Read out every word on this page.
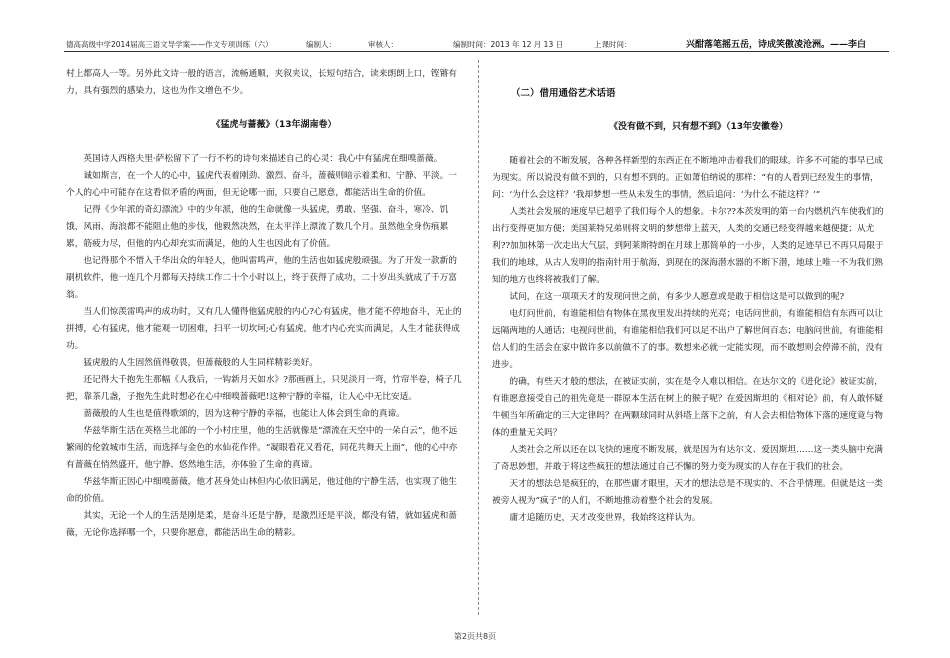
德高高级中学2014届高三语文导学案——作文专项训练（六）	编制人：	审核人：	编制时间：2013 年 12 月 13 日	上课时间：	兴酣落笔摇五岳，诗成笑傲凌沧洲。——李白

村上都高人一等。另外此文诗一般的语言，流畅通顺，夹叙夹议，长短句结合，读来朗朗上口，铿锵有力，具有强烈的感染力，这也为作文增色不少。

《猛虎与蔷薇》（13年湖南卷）

英国诗人西格夫里·萨松留下了一行不朽的诗句来描述自己的心灵：我心中有猛虎在细嗅蔷薇。

诚如斯言，在一个人的心中，猛虎代表着刚劲、激烈、奋斗，蔷薇则暗示着柔和、宁静、平淡。一个人的心中可能存在这看似矛盾的两面，但无论哪一面，只要自己愿意，都能活出生命的价值。

记得《少年派的奇幻漂流》中的少年派，他的生命就像一头猛虎，勇敢、坚强、奋斗，寒冷、饥饿，风雨、海浪都不能阻止他的步伐，他毅然决然，在太平洋上漂流了数几个月。虽然他全身伤痕累累，筋疲力尽，但他的内心却充实而满足，他的人生也因此有了价值。

也记得那个不惜入千华出众的年轻人，他叫雷鸣声，他的生活也如猛虎般顽强。为了开发一款新的刷机软件，他一连几个月都每天持续工作二十个小时以上，终于获得了成功，二十岁出头就成了千万富翁。

当人们惊羡雷鸣声的成功时，又有几人懂得他猛虎般的内心?心有猛虎，他才能不停地奋斗，无止的拼搏，心有猛虎，他才能观一切困难，扫平一切坎坷;心有猛虎，他才内心充实而满足，人生才能获得成功。

猛虎般的人生固然值得敬畏，但蔷薇般的人生同样精彩美好。

还记得大千抱先生那幅《人我后，一钩新月天如水》?那画画上，只见淡月一弯，竹帘半卷，椅子几把，靠茶几盏，子抱先生此时想必在心中细嗅蔷薇吧!这种宁静的幸福，让人心中无比安适。

蔷薇般的人生也是值得歌颂的，因为这种宁静的幸福，也能让人体会到生命的真谛。

华兹华斯生活在英格兰北部的一个小村庄里，他的生活就像是“漂流在天空中的一朵白云”，他不远繁闹的伦敦城市生活，而选择与金色的水仙花作伴。“凝眼看花又看花，同花共舞天上面”，他的心中亦有蔷薇在悄然盛开，他宁静、悠然地生活，亦体验了生命的真谛。

华兹华斯正因心中细嗅蔷薇，他才甚身处山林但内心依旧满足，他过他的宁静生活，也实现了他生命的价值。

其实，无论一个人的生活是刚是柔，是奋斗还是宁静，是激烈还是平淡，都没有错，就如猛虎和蔷薇，无论你选择哪一个，只要你愿意，都能活出生命的精彩。

（二）借用通俗艺术话语

《没有做不到，只有想不到》（13年安徽卷）

随着社会的不断发展，各种各样新型的东西正在不断地冲击着我们的眼球。许多不可能的事早已成为现实。所以说没有做不到的，只有想不到的。正如萧伯纳说的那样：“有的人看到已经发生的事情，问：‘为什么会这样？’我却梦想一些从未发生的事情，然后追问：‘为什么不能这样？’”

人类社会发展的速度早已超乎了我们每个人的想象。卡尔??本茨发明的第一台内燃机汽车使我们的出行变得更加方便；美国莱特兄弟则将文明的梦想带上蓝天，人类的交通已经变得越来越便捷；从尤利??加加林第一次走出大气层，到阿莱斯特朗在月球上那简单的一小步，人类的足迹早已不再只局限于我们的地球，从古人发明的指南针用于航海，到现在的深海潜水器的不断下潜，地球上唯一不为我们熟知的地方也终将被我们了解。

试问，在这一项项天才的发现问世之前，有多少人愿意或是敢于相信这是可以做到的呢?

电灯问世前，有谁能相信有物体在黑夜里发出持续的光亮；电话问世前，有谁能相信有东西可以让远隔两地的人通话；电视问世前，有谁能相信我们可以足不出户了解世间百态；电脑问世前，有谁能相信人们的生活会在家中做许多以前做不了的事。数想来必就一定能实现，而不敢想则会停滞不前，没有进步。

的确，有些天才般的想法，在被证实前，实在是令人难以相信。在达尔文的《进化论》被证实前，有谁愿意接受自己的祖先竟是一群原本生活在树上的猴子呢？在爱因斯坦的《相对论》前，有人敢怀疑牛顿当年所确定的三大定律吗？在两颗球同时从斜塔上落下之前，有人会去相信物体下落的速度竟与物体的重量无关吗？

人类社会之所以还在以飞快的速度不断发展，就是因为有达尔文、爱因斯坦……这一类头脑中充满了奇思妙想，并敢于将这些疯狂的想法通过自己不懈的努力变为现实的人存在于我们的社会。

天才的想法总是疯狂的，在那些庸才眼里，天才的想法总是不现实的、不合乎情理。但就是这一类被旁人视为“疯子”的人们，不断地推动着整个社会的发展。

庸才追随历史，天才改变世界，我始终这样认为。

第2页共8页
